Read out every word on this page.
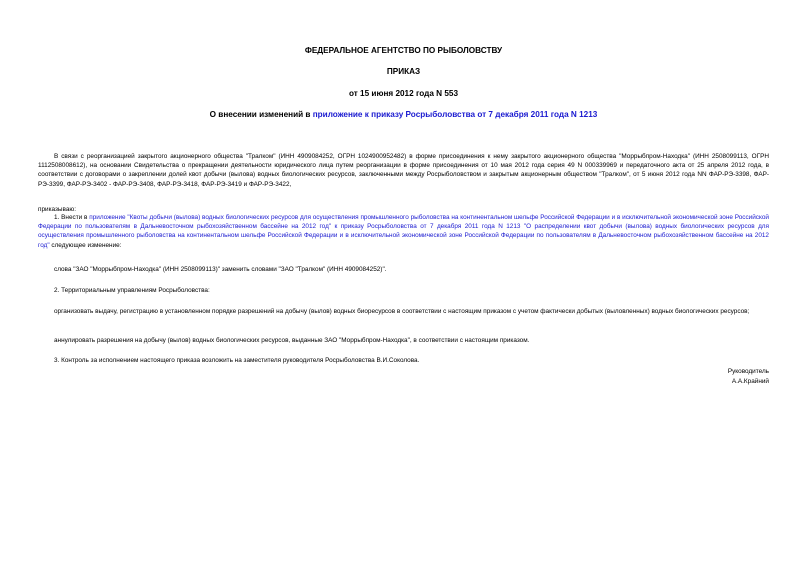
ФЕДЕРАЛЬНОЕ АГЕНТСТВО ПО РЫБОЛОВСТВУ
ПРИКАЗ
от 15 июня 2012 года N 553
О внесении изменений в приложение к приказу Росрыболовства от 7 декабря 2011 года N 1213
В связи с реорганизацией закрытого акционерного общества "Тралком" (ИНН 4909084252, ОГРН 1024900952482) в форме присоединения к нему закрытого акционерного общества "Моррыбпром-Находка" (ИНН 2508099113, ОГРН 1112508008612), на основании Свидетельства о прекращении деятельности юридического лица путем реорганизации в форме присоединения от 10 мая 2012 года серия 49 N 000339969 и передаточного акта от 25 апреля 2012 года, в соответствии с договорами о закреплении долей квот добычи (вылова) водных биологических ресурсов, заключенными между Росрыболовством и закрытым акционерным обществом "Тралком", от 5 июня 2012 года NN ФАР-РЭ-3398, ФАР-РЭ-3399, ФАР-РЭ-3402 - ФАР-РЭ-3408, ФАР-РЭ-3418, ФАР-РЭ-3419 и ФАР-РЭ-3422,
приказываю:
1. Внести в приложение "Квоты добычи (вылова) водных биологических ресурсов для осуществления промышленного рыболовства на континентальном шельфе Российской Федерации и в исключительной экономической зоне Российской Федерации по пользователям в Дальневосточном рыбохозяйственном бассейне на 2012 год" к приказу Росрыболовства от 7 декабря 2011 года N 1213 "О распределении квот добычи (вылова) водных биологических ресурсов для осуществления промышленного рыболовства на континентальном шельфе Российской Федерации и в исключительной экономической зоне Российской Федерации по пользователям в Дальневосточном рыбохозяйственном бассейне на 2012 год" следующее изменение:
слова "ЗАО "Моррыбпром-Находка" (ИНН 2508099113)" заменить словами "ЗАО "Тралком" (ИНН 4909084252)".
2. Территориальным управлениям Росрыболовства:
организовать выдачу, регистрацию в установленном порядке разрешений на добычу (вылов) водных биоресурсов в соответствии с настоящим приказом с учетом фактически добытых (выловленных) водных биологических ресурсов;
аннулировать разрешения на добычу (вылов) водных биологических ресурсов, выданные ЗАО "Моррыбпром-Находка", в соответствии с настоящим приказом.
3. Контроль за исполнением настоящего приказа возложить на заместителя руководителя Росрыболовства В.И.Соколова.
Руководитель
А.А.Крайний
